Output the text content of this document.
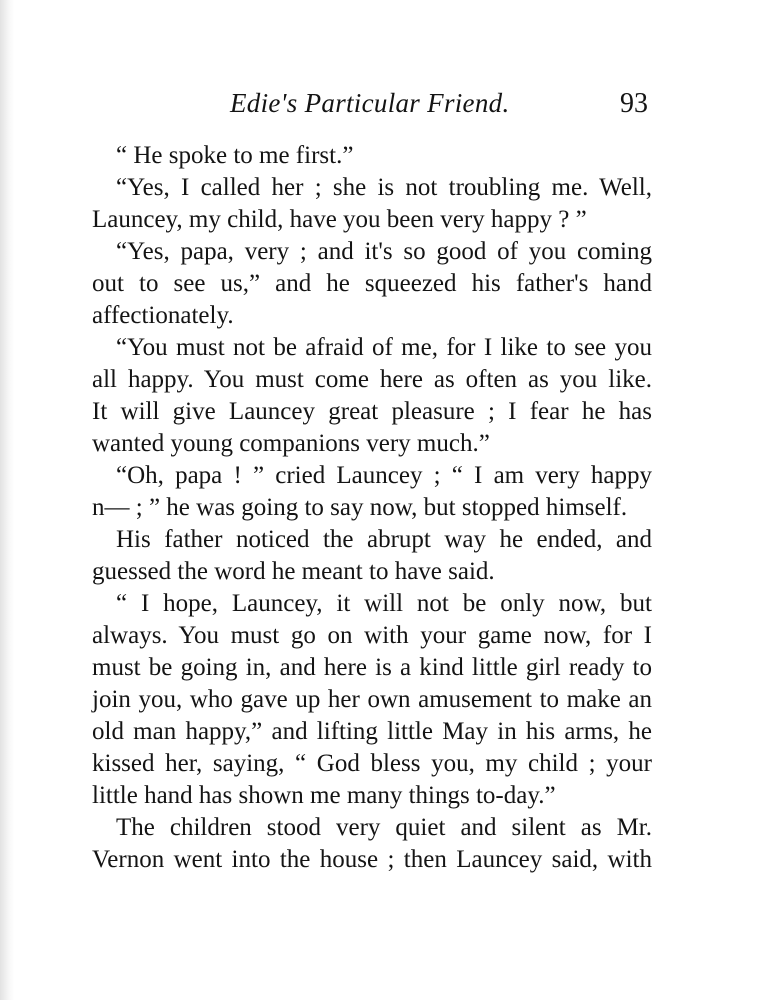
Edie's Particular Friend.	93
“ He spoke to me first.”
“Yes, I called her ; she is not troubling me. Well,
Launcey, my child, have you been very happy ? ”
“Yes, papa, very ; and it's so good of you coming
out to see us,” and he squeezed his father's hand
affectionately.
“You must not be afraid of me, for I like to see you
all happy. You must come here as often as you like.
It will give Launcey great pleasure ; I fear he has
wanted young companions very much.”
“Oh, papa ! ” cried Launcey ; “ I am very happy
n— ; ” he was going to say now, but stopped himself.
His father noticed the abrupt way he ended, and
guessed the word he meant to have said.
“ I hope, Launcey, it will not be only now, but
always. You must go on with your game now, for I
must be going in, and here is a kind little girl ready to
join you, who gave up her own amusement to make an
old man happy,” and lifting little May in his arms, he
kissed her, saying, “ God bless you, my child ; your
little hand has shown me many things to-day.”
The children stood very quiet and silent as Mr.
Vernon went into the house ; then Launcey said, with
